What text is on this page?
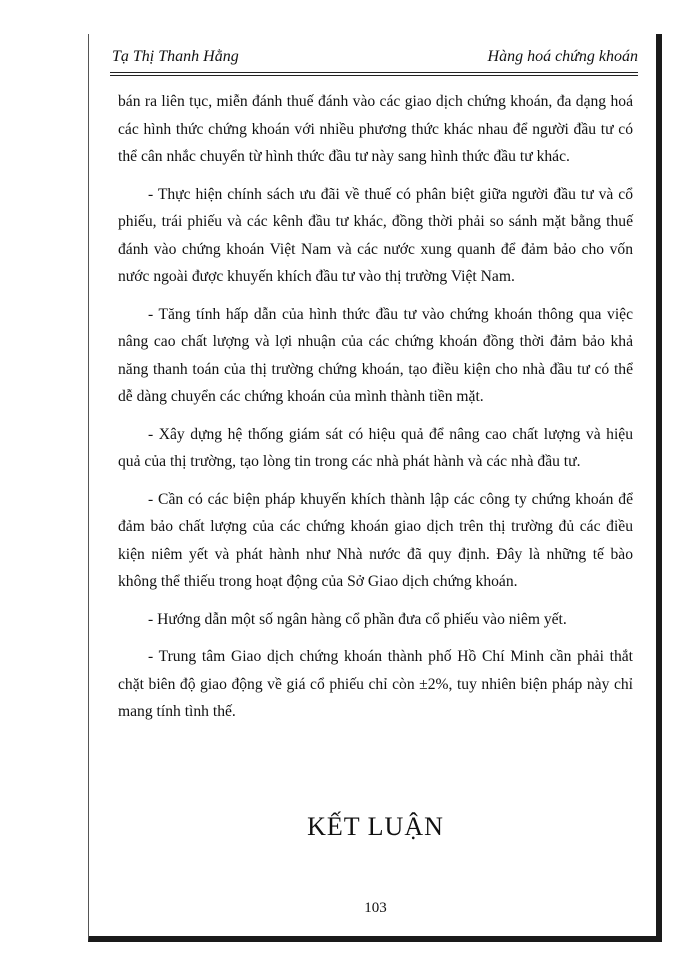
Tạ Thị Thanh Hằng	Hàng hoá chứng khoán

bán ra liên tục, miễn đánh thuế đánh vào các giao dịch chứng khoán, đa dạng hoá các hình thức chứng khoán với nhiều phương thức khác nhau để người đầu tư có thể cân nhắc chuyển từ hình thức đầu tư này sang hình thức đầu tư khác.

- Thực hiện chính sách ưu đãi về thuế có phân biệt giữa người đầu tư và cổ phiếu, trái phiếu và các kênh đầu tư khác, đồng thời phải so sánh mặt bằng thuế đánh vào chứng khoán Việt Nam và các nước xung quanh để đảm bảo cho vốn nước ngoài được khuyến khích đầu tư vào thị trường Việt Nam.

- Tăng tính hấp dẫn của hình thức đầu tư vào chứng khoán thông qua việc nâng cao chất lượng và lợi nhuận của các chứng khoán đồng thời đảm bảo khả năng thanh toán của thị trường chứng khoán, tạo điều kiện cho nhà đầu tư có thể dễ dàng chuyển các chứng khoán của mình thành tiền mặt.

- Xây dựng hệ thống giám sát có hiệu quả để nâng cao chất lượng và hiệu quả của thị trường, tạo lòng tin trong các nhà phát hành và các nhà đầu tư.

- Cần có các biện pháp khuyến khích thành lập các công ty chứng khoán để đảm bảo chất lượng của các chứng khoán giao dịch trên thị trường đủ các điều kiện niêm yết và phát hành như Nhà nước đã quy định. Đây là những tế bào không thể thiếu trong hoạt động của Sở Giao dịch chứng khoán.

- Hướng dẫn một số ngân hàng cổ phần đưa cổ phiếu vào niêm yết.

- Trung tâm Giao dịch chứng khoán thành phố Hồ Chí Minh cần phải thắt chặt biên độ giao động về giá cổ phiếu chỉ còn ±2%, tuy nhiên biện pháp này chỉ mang tính tình thế.

KẾT LUẬN
103
